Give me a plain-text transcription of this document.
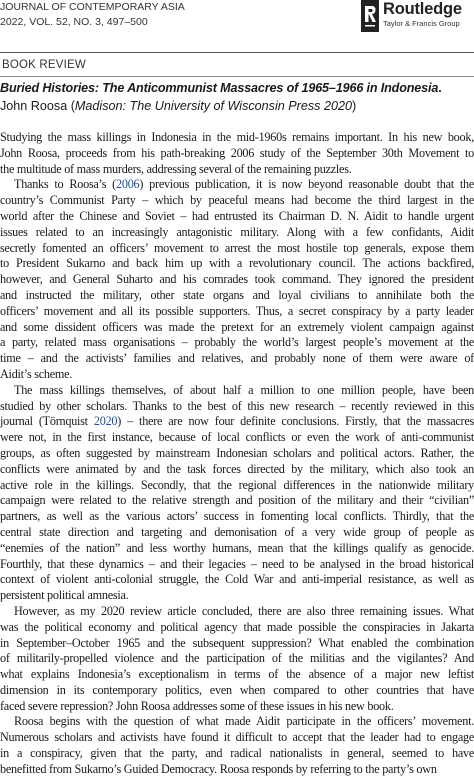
JOURNAL OF CONTEMPORARY ASIA
2022, VOL. 52, NO. 3, 497–500
Routledge
Taylor & Francis Group
BOOK REVIEW
Buried Histories: The Anticommunist Massacres of 1965–1966 in Indonesia.
John Roosa (Madison: The University of Wisconsin Press 2020)

Studying the mass killings in Indonesia in the mid-1960s remains important. In his new book,
John Roosa, proceeds from his path-breaking 2006 study of the September 30th Movement to
the multitude of mass murders, addressing several of the remaining puzzles.

Thanks to Roosa’s (2006) previous publication, it is now beyond reasonable doubt that the
country’s Communist Party – which by peaceful means had become the third largest in the
world after the Chinese and Soviet – had entrusted its Chairman D. N. Aidit to handle urgent
issues related to an increasingly antagonistic military. Along with a few confidants, Aidit
secretly fomented an officers’ movement to arrest the most hostile top generals, expose them
to President Sukarno and back him up with a revolutionary council. The actions backfired,
however, and General Suharto and his comrades took command. They ignored the president
and instructed the military, other state organs and loyal civilians to annihilate both the
officers’ movement and all its possible supporters. Thus, a secret conspiracy by a party leader
and some dissident officers was made the pretext for an extremely violent campaign against
a party, related mass organisations – probably the world’s largest people’s movement at the
time – and the activists’ families and relatives, and probably none of them were aware of
Aidit’s scheme.

The mass killings themselves, of about half a million to one million people, have been
studied by other scholars. Thanks to the best of this new research – recently reviewed in this
journal (Törnquist 2020) – there are now four definite conclusions. Firstly, that the massacres
were not, in the first instance, because of local conflicts or even the work of anti-communist
groups, as often suggested by mainstream Indonesian scholars and political actors. Rather, the
conflicts were animated by and the task forces directed by the military, which also took an
active role in the killings. Secondly, that the regional differences in the nationwide military
campaign were related to the relative strength and position of the military and their “civilian”
partners, as well as the various actors’ success in fomenting local conflicts. Thirdly, that the
central state direction and targeting and demonisation of a very wide group of people as
“enemies of the nation” and less worthy humans, mean that the killings qualify as genocide.
Fourthly, that these dynamics – and their legacies – need to be analysed in the broad historical
context of violent anti-colonial struggle, the Cold War and anti-imperial resistance, as well as
persistent political amnesia.

However, as my 2020 review article concluded, there are also three remaining issues. What
was the political economy and political agency that made possible the conspiracies in Jakarta
in September–October 1965 and the subsequent suppression? What enabled the combination
of militarily-propelled violence and the participation of the militias and the vigilantes? And
what explains Indonesia’s exceptionalism in terms of the absence of a major new leftist
dimension in its contemporary politics, even when compared to other countries that have
faced severe repression? John Roosa addresses some of these issues in his new book.

Roosa begins with the question of what made Aidit participate in the officers’ movement.
Numerous scholars and activists have found it difficult to accept that the leader had to engage
in a conspiracy, given that the party, and radical nationalists in general, seemed to have
benefitted from Sukarno’s Guided Democracy. Roosa responds by referring to the party’s own
